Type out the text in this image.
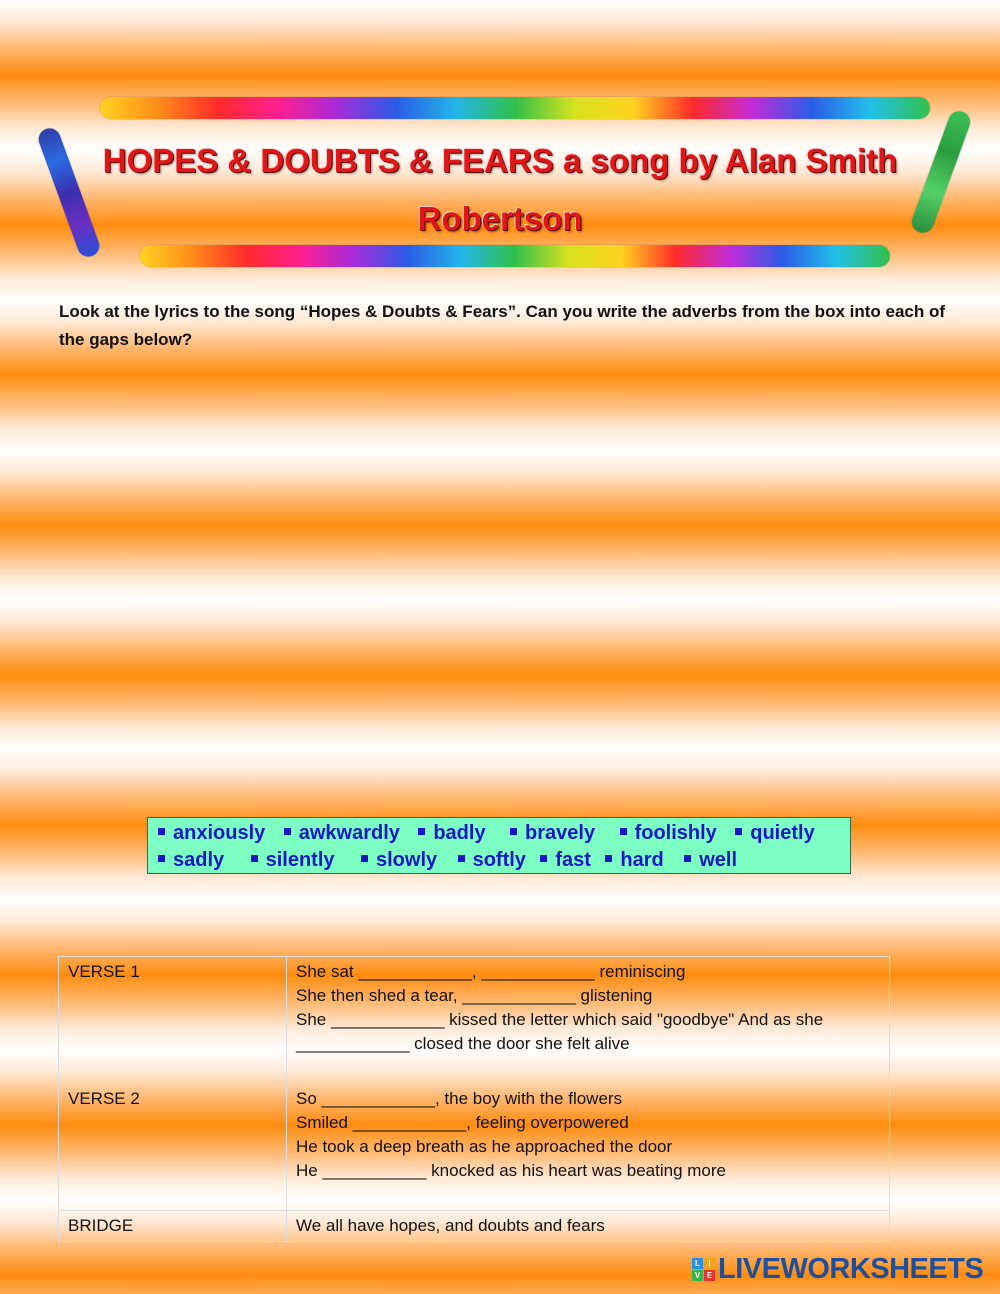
HOPES & DOUBTS & FEARS a song by Alan Smith Robertson
Look at the lyrics to the song “Hopes & Doubts & Fears”. Can you write the adverbs from the box into each of the gaps below?
anxiously awkwardly badly bravely foolishly quietly
sadly silently slowly softly fast hard well
VERSE 1	She sat ____________, ____________ reminiscing
She then shed a tear, ____________ glistening
She ____________ kissed the letter which said "goodbye" And as she
____________ closed the door she felt alive

VERSE 2	So ____________, the boy with the flowers
Smiled ____________, feeling overpowered
He took a deep breath as he approached the door
He ___________ knocked as his heart was beating more

BRIDGE	We all have hopes, and doubts and fears
L	I
V E LIVEWORKSHEETS
